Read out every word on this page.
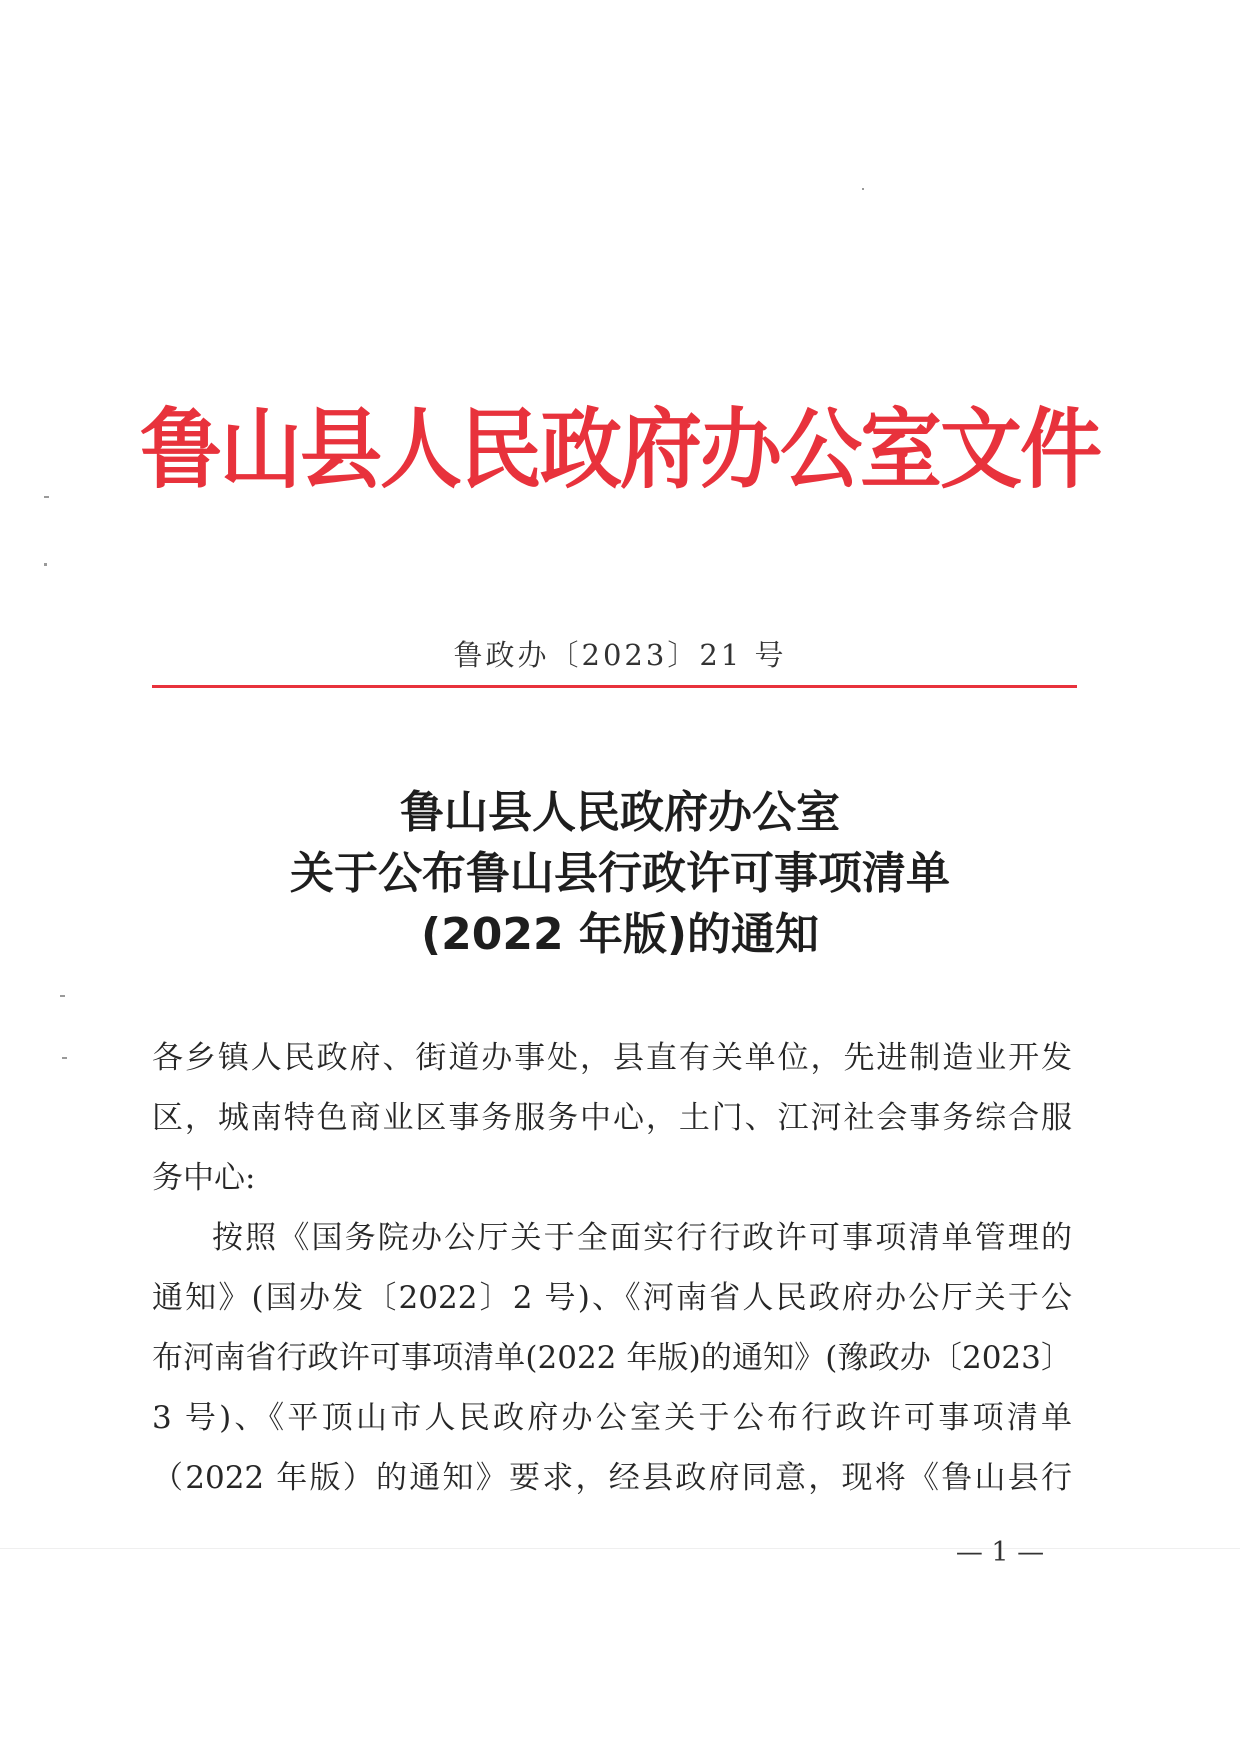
鲁山县人民政府办公室文件
鲁政办〔2023〕21 号
鲁山县人民政府办公室
关于公布鲁山县行政许可事项清单
(2022 年版)的通知
各乡镇人民政府、街道办事处，县直有关单位，先进制造业开发
区，城南特色商业区事务服务中心，土门、江河社会事务综合服
务中心:
按照《国务院办公厅关于全面实行行政许可事项清单管理的
通知》(国办发〔2022〕2 号)、《河南省人民政府办公厅关于公
布河南省行政许可事项清单(2022 年版)的通知》(豫政办〔2023〕
3 号)、《平顶山市人民政府办公室关于公布行政许可事项清单
（2022 年版）的通知》要求，经县政府同意，现将《鲁山县行
— 1 —
